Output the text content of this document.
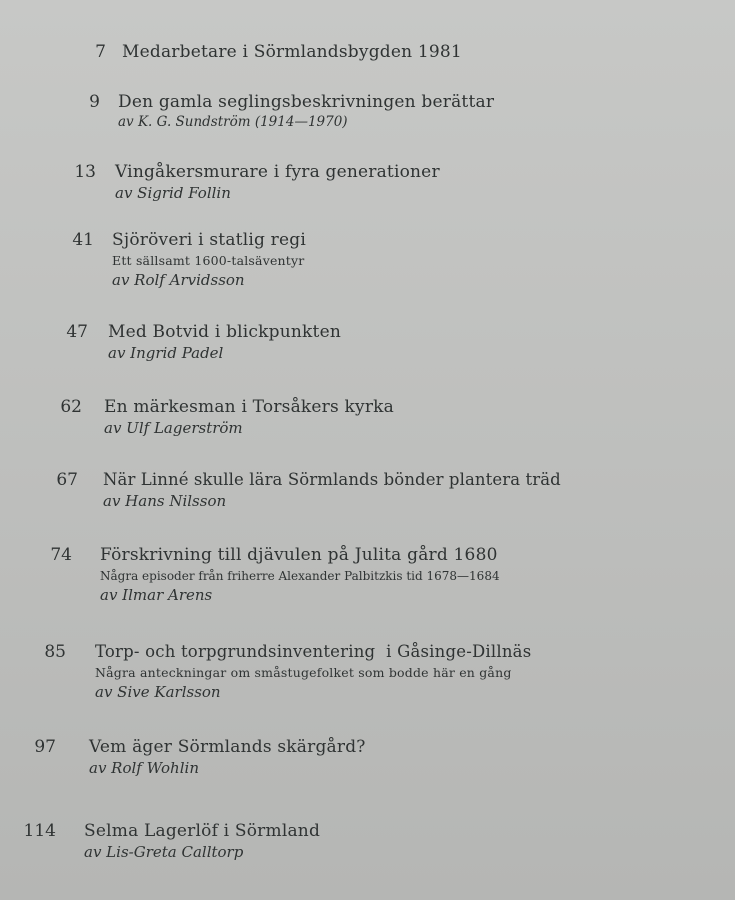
7 Medarbetare i Sörmlandsbygden 1981
9 Den gamla seglingsbeskrivningen berättar
av K. G. Sundström (1914—1970)
13 Vingåkersmurare i fyra generationer
av Sigrid Follin
41 Sjöröveri i statlig regi
Ett sällsamt 1600-talsäventyr
av Rolf Arvidsson
47 Med Botvid i blickpunkten
av Ingrid Padel
62 En märkesman i Torsåkers kyrka
av Ulf Lagerström
67 När Linné skulle lära Sörmlands bönder plantera träd
av Hans Nilsson
74 Förskrivning till djävulen på Julita gård 1680
Några episoder från friherre Alexander Palbitzkis tid 1678—1684
av Ilmar Arens
85 Torp- och torpgrundsinventering  i Gåsinge-Dillnäs
Några anteckningar om småstugefolket som bodde här en gång
av Sive Karlsson
97 Vem äger Sörmlands skärgård?
av Rolf Wohlin
114 Selma Lagerlöf i Sörmland
av Lis-Greta Calltorp
